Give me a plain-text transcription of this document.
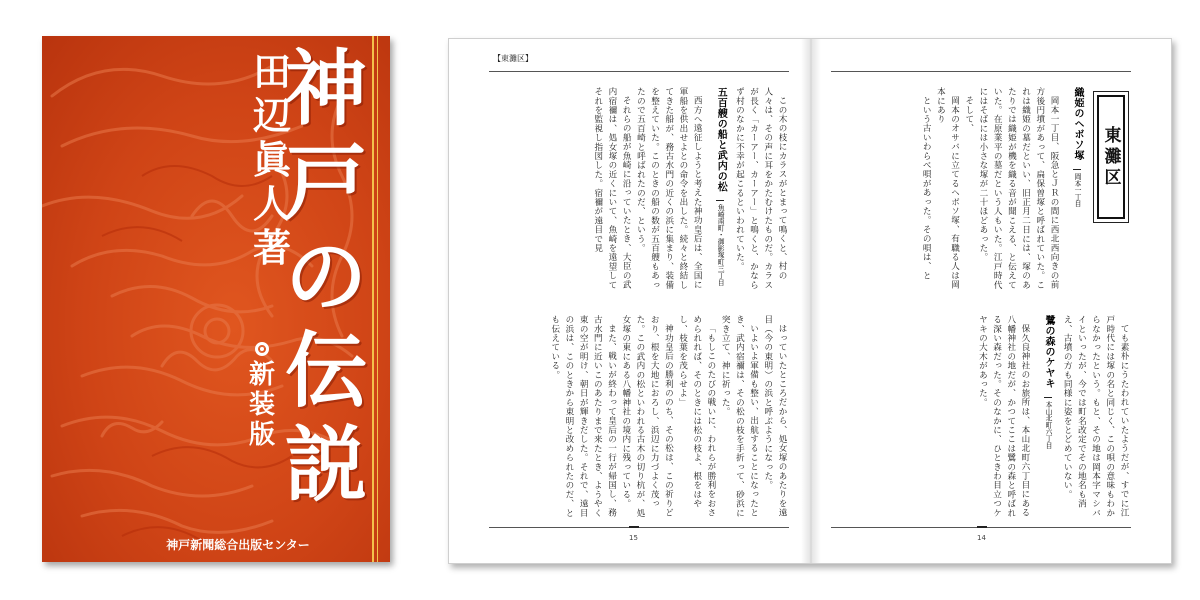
田
辺
眞
人
著
神
戸
の
伝
説
新
装
版
神戸新聞総合出版センター
【東灘区】

この木の枝にカラスがとまって鳴くと、村の人々は、その声に耳をかたむけたものだ。カラスが長く「カーアー、カーアー」と鳴くと、かならず村のなかに不幸が起こるといわれていた。

五百艘の船と武内の松魚崎南町・御影塚町三丁目

西方へ遠征しようと考えた神功皇后は、全国に軍船を供出せよとの命令を出した。続々と終結してきた船が、務古水門の近くの浜に集まり、装備を整えていた。このときの船の数が五百艘もあったので五百崎と呼ばれたのだ、という。

それらの船が魚崎に沿っていたとき、大臣の武内宿禰は、処女塚の近くにいて、魚崎を遠望してそれを監視し指図した。宿禰が遠目で見

はっていたところだから、処女塚のあたりを遠目（今の東明）の浜と呼ぶようになった。

いよいよ軍備も整い、出航することになったとき、武内宿禰は、その松の枝を手折って、砂浜に突き立て、神に祈った。

「もしこのたびの戦いに、われらが勝利をおさめられれば、そのときには松の枝よ、根をはやし、枝葉を茂らせよ」

神功皇后の勝利ののち、その松は、この祈りどおり、根を大地におろし、浜辺に力づよく茂った。この武内の松といわれる古木の切り杭が、処女塚の東にある八幡神社の境内に残っている。

また、戦いが終わって皇后の一行が帰国し、務古水門に近いこのあたりまで来たとき、ようやく東の空が明け、朝日が輝きだした。それで、遠目の浜は、このときから東明と改められたのだ、とも伝えている。

15
東灘区
織姫のヘボソ塚岡本一丁目

岡本一丁目、阪急とＪＲの間に西北西向きの前方後円墳があって、扁保曽塚と呼ばれていた。これは織姫の墓だといい、旧正月二日には、塚のあたりでは織姫が機を織る音が聞こえる、と伝えていた。在原業平の墓だという人もいた。江戸時代にはそばには小さな塚が二十ほどあった。

そして、

岡本のオサバに立てるヘボソ塚、有職る人は岡本にあり

という古いわらべ唄があった。その唄は、と

ても素朴にうたわれていたようだが、すでに江戸時代には塚の名と同じく、この唄の意味もわからなかったという。もと、その地は岡本字マシバイといったが、今では町名改定でその地名も消え、古墳の方も同様に姿をとどめていない。

鷺の森のケヤキ本山北町六丁目

保久良神社のお旅所は、本山北町六丁目にある八幡神社の地だが、かつてここは鷺の森と呼ばれる深い森だった。そのなかに、ひときわ目立つケヤキの大木があった。

14
